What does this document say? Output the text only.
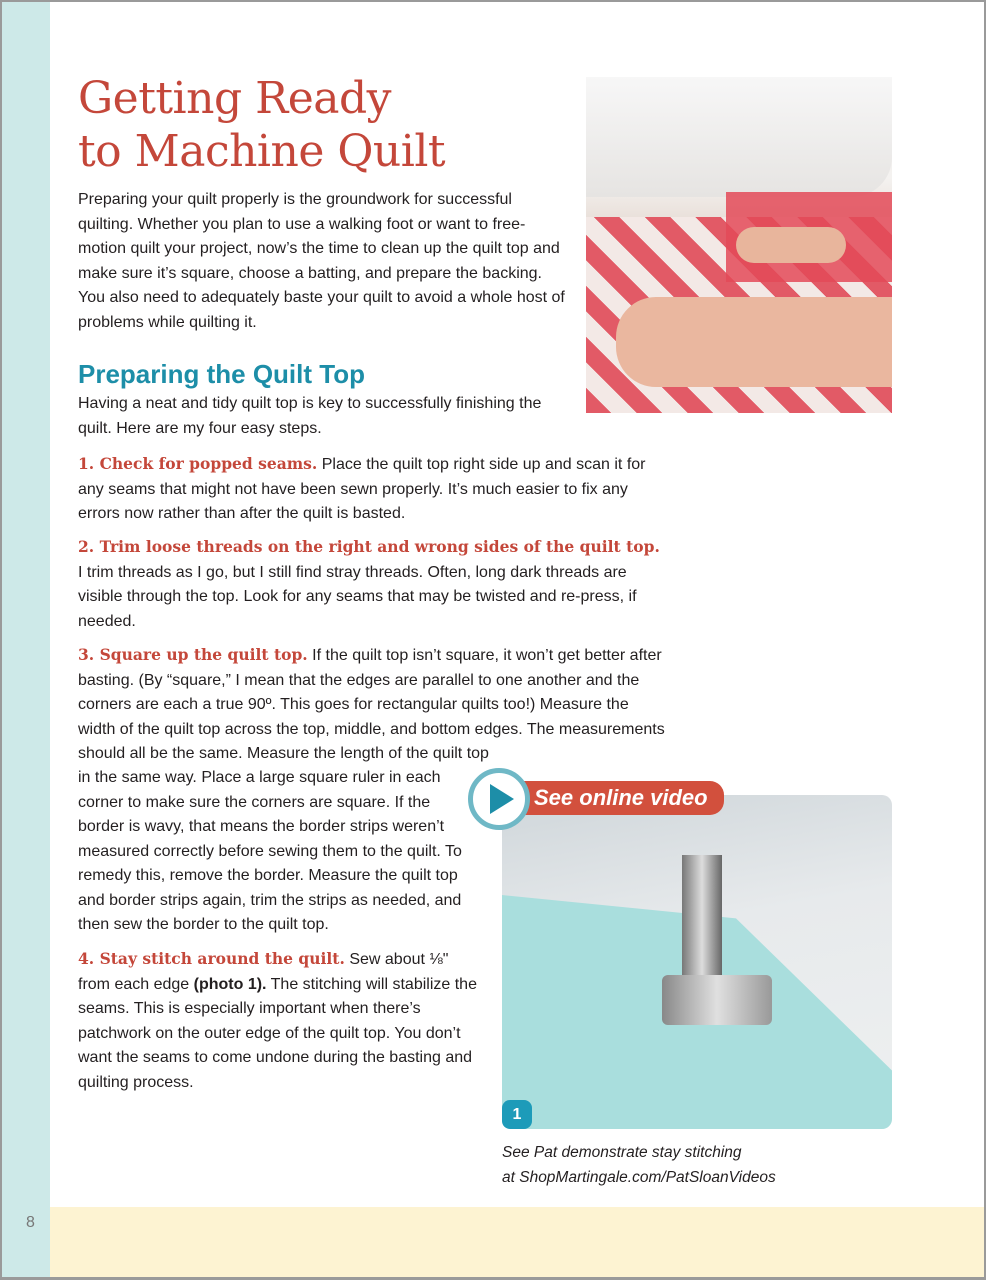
8
Getting Ready
to Machine Quilt

Preparing your quilt properly is the groundwork for successful quilting. Whether you plan to use a walking foot or want to free-motion quilt your project, now’s the time to clean up the quilt top and make sure it’s square, choose a batting, and prepare the backing. You also need to adequately baste your quilt to avoid a whole host of problems while quilting it.

Preparing the Quilt Top

Having a neat and tidy quilt top is key to successfully finishing the quilt. Here are my four easy steps.

1. Check for popped seams. Place the quilt top right side up and scan it for any seams that might not have been sewn properly. It’s much easier to fix any errors now rather than after the quilt is basted.

2. Trim loose threads on the right and wrong sides of the quilt top. I trim threads as I go, but I still find stray threads. Often, long dark threads are visible through the top. Look for any seams that may be twisted and re-press, if needed.

3. Square up the quilt top. If the quilt top isn’t square, it won’t get better after basting. (By “square,” I mean that the edges are parallel to one another and the corners are each a true 90º. This goes for rectangular quilts too!) Measure the width of the quilt top across the top, middle, and bottom edges. The measurements should all be the same. Measure the length of the quilt top

in the same way. Place a large square ruler in each corner to make sure the corners are square. If the border is wavy, that means the border strips weren’t measured correctly before sewing them to the quilt. To remedy this, remove the border. Measure the quilt top and border strips again, trim the strips as needed, and then sew the border to the quilt top.

4. Stay stitch around the quilt. Sew about ⅛" from each edge (photo 1). The stitching will stabilize the seams. This is especially important when there’s patchwork on the outer edge of the quilt top. You don’t want the seams to come undone during the basting and quilting process.

See online video
1
See Pat demonstrate stay stitching
at ShopMartingale.com/PatSloanVideos
